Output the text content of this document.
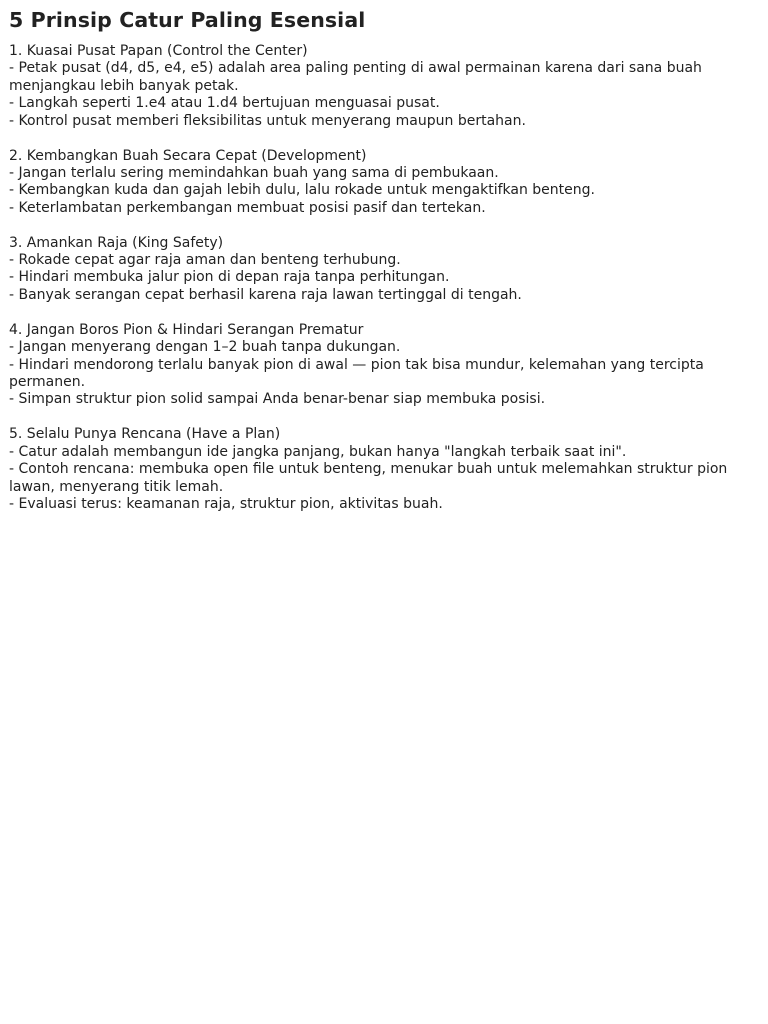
5 Prinsip Catur Paling Esensial
1. Kuasai Pusat Papan (Control the Center)
- Petak pusat (d4, d5, e4, e5) adalah area paling penting di awal permainan karena dari sana buah menjangkau lebih banyak petak.
- Langkah seperti 1.e4 atau 1.d4 bertujuan menguasai pusat.
- Kontrol pusat memberi fleksibilitas untuk menyerang maupun bertahan.
2. Kembangkan Buah Secara Cepat (Development)
- Jangan terlalu sering memindahkan buah yang sama di pembukaan.
- Kembangkan kuda dan gajah lebih dulu, lalu rokade untuk mengaktifkan benteng.
- Keterlambatan perkembangan membuat posisi pasif dan tertekan.
3. Amankan Raja (King Safety)
- Rokade cepat agar raja aman dan benteng terhubung.
- Hindari membuka jalur pion di depan raja tanpa perhitungan.
- Banyak serangan cepat berhasil karena raja lawan tertinggal di tengah.
4. Jangan Boros Pion & Hindari Serangan Prematur
- Jangan menyerang dengan 1–2 buah tanpa dukungan.
- Hindari mendorong terlalu banyak pion di awal — pion tak bisa mundur, kelemahan yang tercipta permanen.
- Simpan struktur pion solid sampai Anda benar-benar siap membuka posisi.
5. Selalu Punya Rencana (Have a Plan)
- Catur adalah membangun ide jangka panjang, bukan hanya "langkah terbaik saat ini".
- Contoh rencana: membuka open file untuk benteng, menukar buah untuk melemahkan struktur pion lawan, menyerang titik lemah.
- Evaluasi terus: keamanan raja, struktur pion, aktivitas buah.
